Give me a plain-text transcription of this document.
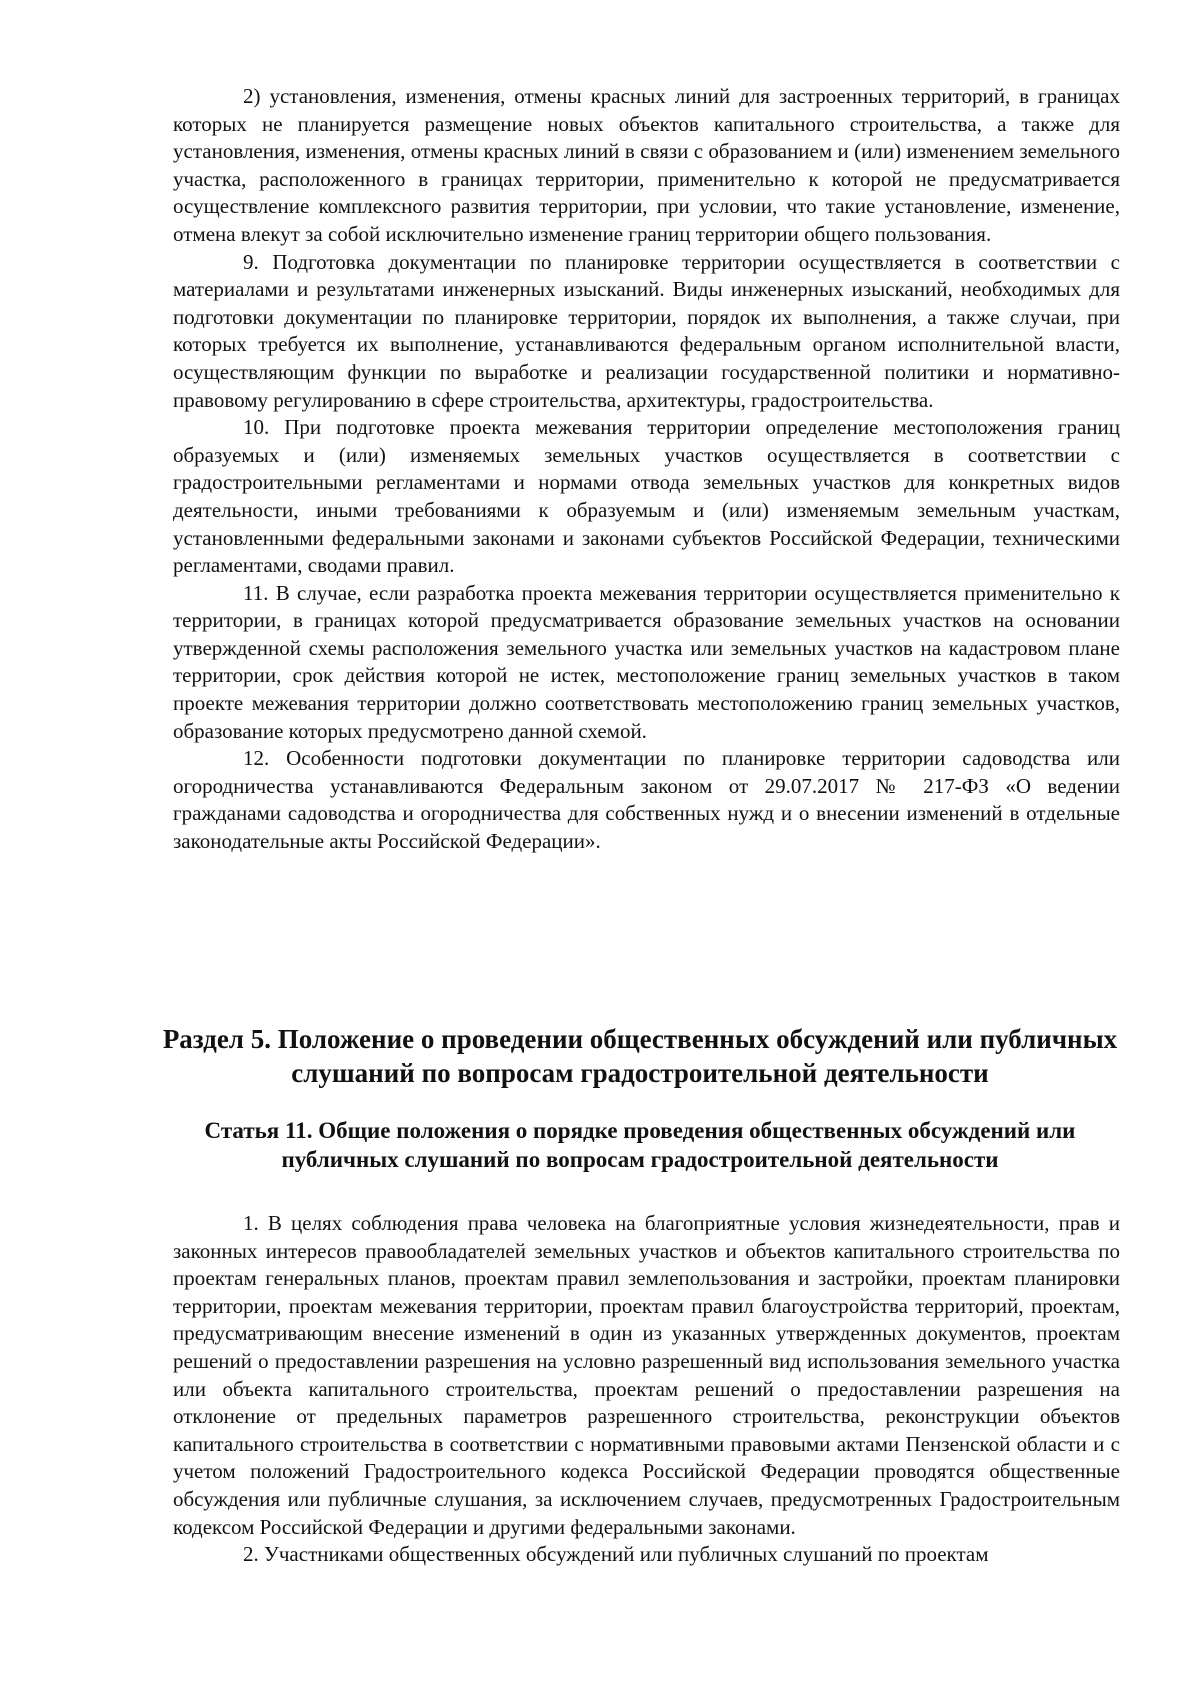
2) установления, изменения, отмены красных линий для застроенных территорий, в границах которых не планируется размещение новых объектов капитального строительства, а также для установления, изменения, отмены красных линий в связи с образованием и (или) изменением земельного участка, расположенного в границах территории, применительно к которой не предусматривается осуществление комплексного развития территории, при условии, что такие установление, изменение, отмена влекут за собой исключительно изменение границ территории общего пользования.

9. Подготовка документации по планировке территории осуществляется в соответствии с материалами и результатами инженерных изысканий. Виды инженерных изысканий, необходимых для подготовки документации по планировке территории, порядок их выполнения, а также случаи, при которых требуется их выполнение, устанавливаются федеральным органом исполнительной власти, осуществляющим функции по выработке и реализации государственной политики и нормативно-правовому регулированию в сфере строительства, архитектуры, градостроительства.

10. При подготовке проекта межевания территории определение местоположения границ образуемых и (или) изменяемых земельных участков осуществляется в соответствии с градостроительными регламентами и нормами отвода земельных участков для конкретных видов деятельности, иными требованиями к образуемым и (или) изменяемым земельным участкам, установленными федеральными законами и законами субъектов Российской Федерации, техническими регламентами, сводами правил.

11. В случае, если разработка проекта межевания территории осуществляется применительно к территории, в границах которой предусматривается образование земельных участков на основании утвержденной схемы расположения земельного участка или земельных участков на кадастровом плане территории, срок действия которой не истек, местоположение границ земельных участков в таком проекте межевания территории должно соответствовать местоположению границ земельных участков, образование которых предусмотрено данной схемой.

12. Особенности подготовки документации по планировке территории садоводства или огородничества устанавливаются Федеральным законом от 29.07.2017 № 217-ФЗ «О ведении гражданами садоводства и огородничества для собственных нужд и о внесении изменений в отдельные законодательные акты Российской Федерации».

Раздел 5. Положение о проведении общественных обсуждений или публичных слушаний по вопросам градостроительной деятельности
Статья 11. Общие положения о порядке проведения общественных обсуждений или публичных слушаний по вопросам градостроительной деятельности

1. В целях соблюдения права человека на благоприятные условия жизнедеятельности, прав и законных интересов правообладателей земельных участков и объектов капитального строительства по проектам генеральных планов, проектам правил землепользования и застройки, проектам планировки территории, проектам межевания территории, проектам правил благоустройства территорий, проектам, предусматривающим внесение изменений в один из указанных утвержденных документов, проектам решений о предоставлении разрешения на условно разрешенный вид использования земельного участка или объекта капитального строительства, проектам решений о предоставлении разрешения на отклонение от предельных параметров разрешенного строительства, реконструкции объектов капитального строительства в соответствии с нормативными правовыми актами Пензенской области и с учетом положений Градостроительного кодекса Российской Федерации проводятся общественные обсуждения или публичные слушания, за исключением случаев, предусмотренных Градостроительным кодексом Российской Федерации и другими федеральными законами.

2. Участниками общественных обсуждений или публичных слушаний по проектам
